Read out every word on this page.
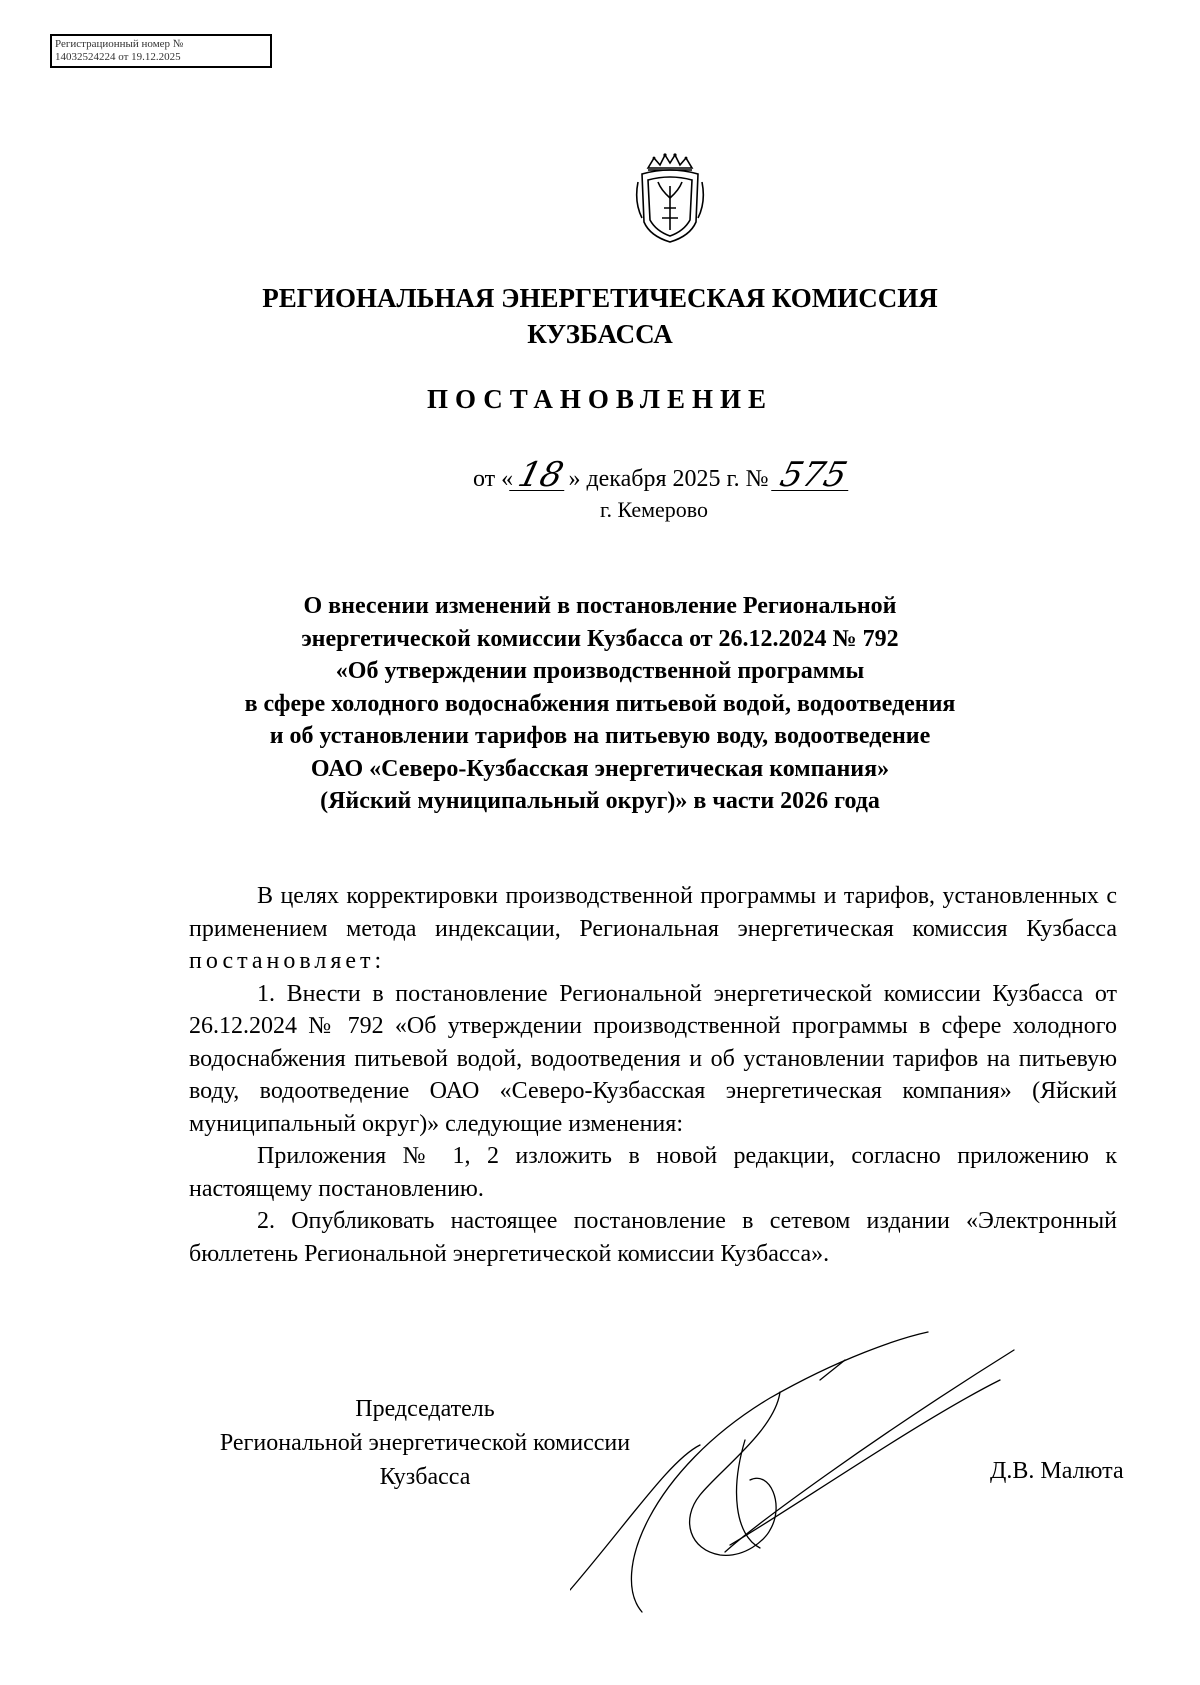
Регистрационный номер №
14032524224 от 19.12.2025
РЕГИОНАЛЬНАЯ ЭНЕРГЕТИЧЕСКАЯ КОМИССИЯ
КУЗБАССА
ПОСТАНОВЛЕНИЕ
от «18» декабря 2025 г. № 575
г. Кемерово
О внесении изменений в постановление Региональной
энергетической комиссии Кузбасса от 26.12.2024 № 792
«Об утверждении производственной программы
в сфере холодного водоснабжения питьевой водой, водоотведения
и об установлении тарифов на питьевую воду, водоотведение
ОАО «Северо-Кузбасская энергетическая компания»
(Яйский муниципальный округ)» в части 2026 года

В целях корректировки производственной программы и тарифов, установленных с применением метода индексации, Региональная энергетическая комиссия Кузбасса постановляет:

1. Внести в постановление Региональной энергетической комиссии Кузбасса от 26.12.2024 № 792 «Об утверждении производственной программы в сфере холодного водоснабжения питьевой водой, водоотведения и об установлении тарифов на питьевую воду, водоотведение ОАО «Северо-Кузбасская энергетическая компания» (Яйский муниципальный округ)» следующие изменения:

Приложения № 1, 2 изложить в новой редакции, согласно приложению к настоящему постановлению.

2. Опубликовать настоящее постановление в сетевом издании «Электронный бюллетень Региональной энергетической комиссии Кузбасса».

Председатель
Региональной энергетической комиссии
Кузбасса	Д.В. Малюта
